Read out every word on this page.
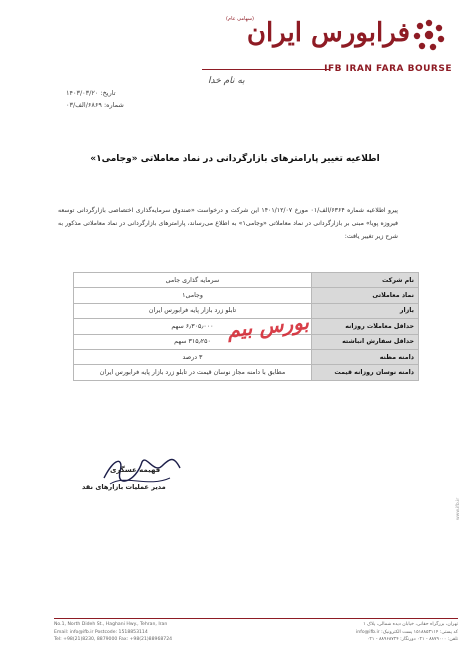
(سهامی عام)
فرابورس ایران
IFB IRAN FARA BOURSE
به نام خدا
تاریخ: ۱۴۰۳/۰۳/۲۰
شماره: ۶۸۶۹/الف/۰۳
اطلاعیه تغییر پارامترهای بازارگردانی در نماد معاملاتی «وجامی۱»
پیرو اطلاعیه شماره ۶۳۶۴/الف/۰۱ مورخ ۱۴۰۱/۱۲/۰۷ این شرکت و درخواست «صندوق سرمایه‌گذاری اختصاصی بازارگردانی توسعه فیروزه پویا» مبنی بر بازارگردانی در نماد معاملاتی «وجامی۱» به اطلاع می‌رساند، پارامترهای بازارگردانی در نماد معاملاتی مذکور به شرح زیر تغییر یافت:
نام شرکت	سرمایه گذاری جامی
نماد معاملاتی	وجامی۱
بازار	تابلو زرد بازار پایه فرابورس ایران
حداقل معاملات روزانه	۶٫۳۰۵٫۰۰۰ سهم
حداقل سفارش انباشته	۳۱۵٫۲۵۰ سهم
دامنه مظنه	۳ درصد
دامنه نوسان روزانه قیمت	مطابق با دامنه مجاز نوسان قیمت در تابلو زرد بازار پایه فرابورس ایران
بورس بیم
فهیمه عسگری
مدیر عملیات بازارهای نقد
www.ifb.ir
No.1, North Dideh St., Haghani Hwy., Tehran, Iran
Email: info@ifb.ir Postcode: 1518853114
Tel: +98(21)8230, 8879000 Fax: +98(21)88968724
تهران، بزرگراه حقانی، خیابان دیده شمالی، پلاک ۱
کد پستی: ۱۵۱۸۸۵۳۱۱۴ پست الکترونیک: info@ifb.ir
تلفن: ۸۸۷۹۰۰۰ - ۰۲۱ دورنگار: ۸۸۹۶۸۷۲۴ - ۰۲۱
